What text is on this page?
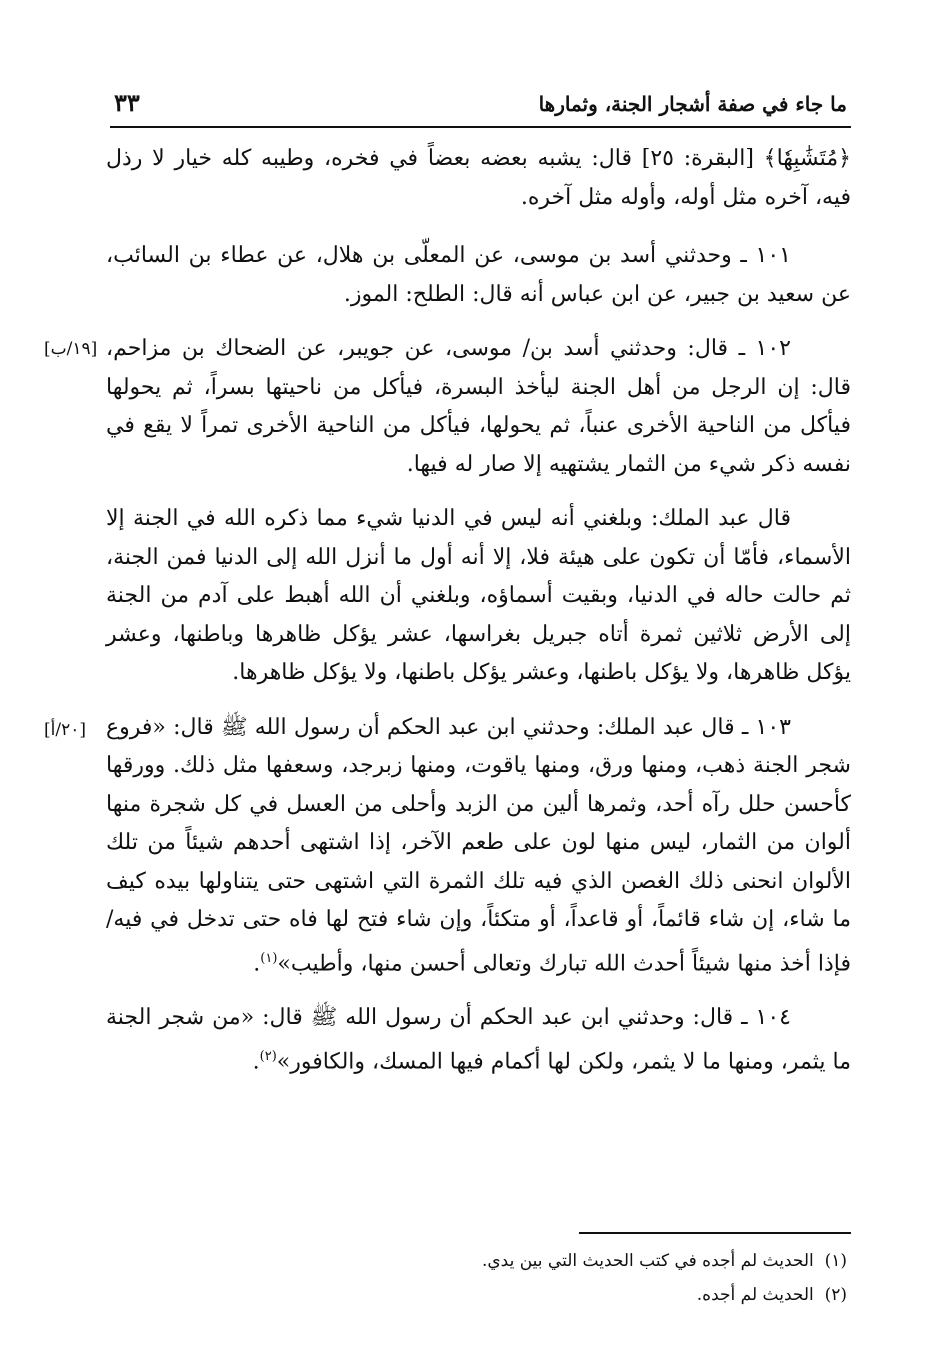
ما جاء في صفة أشجار الجنة، وثمارها
٣٣

﴿مُتَشَٰبِهٗا﴾ [البقرة: ٢٥] قال: يشبه بعضه بعضاً في فخره، وطيبه كله خيار لا رذل فيه، آخره مثل أوله، وأوله مثل آخره.

١٠١ ـ وحدثني أسد بن موسى، عن المعلّى بن هلال، عن عطاء بن السائب، عن سعيد بن جبير، عن ابن عباس أنه قال: الطلح: الموز.

[١٩/ب] ١٠٢ ـ قال: وحدثني أسد بن/ موسى، عن جويبر، عن الضحاك بن مزاحم، قال: إن الرجل من أهل الجنة ليأخذ البسرة، فيأكل من ناحيتها بسراً، ثم يحولها فيأكل من الناحية الأخرى عنباً، ثم يحولها، فيأكل من الناحية الأخرى تمراً لا يقع في نفسه ذكر شيء من الثمار يشتهيه إلا صار له فيها.

قال عبد الملك: وبلغني أنه ليس في الدنيا شيء مما ذكره الله في الجنة إلا الأسماء، فأمّا أن تكون على هيئة فلا، إلا أنه أول ما أنزل الله إلى الدنيا فمن الجنة، ثم حالت حاله في الدنيا، وبقيت أسماؤه، وبلغني أن الله أهبط على آدم من الجنة إلى الأرض ثلاثين ثمرة أتاه جبريل بغراسها، عشر يؤكل ظاهرها وباطنها، وعشر يؤكل ظاهرها، ولا يؤكل باطنها، وعشر يؤكل باطنها، ولا يؤكل ظاهرها.

[٢٠/أ] ١٠٣ ـ قال عبد الملك: وحدثني ابن عبد الحكم أن رسول الله ﷺ قال: «فروع شجر الجنة ذهب، ومنها ورق، ومنها ياقوت، ومنها زبرجد، وسعفها مثل ذلك. وورقها كأحسن حلل رآه أحد، وثمرها ألين من الزبد وأحلى من العسل في كل شجرة منها ألوان من الثمار، ليس منها لون على طعم الآخر، إذا اشتهى أحدهم شيئاً من تلك الألوان انحنى ذلك الغصن الذي فيه تلك الثمرة التي اشتهى حتى يتناولها بيده كيف ما شاء، إن شاء قائماً، أو قاعداً، أو متكئاً، وإن شاء فتح لها فاه حتى تدخل في فيه/ فإذا أخذ منها شيئاً أحدث الله تبارك وتعالى أحسن منها، وأطيب»$^{(١)}$.

١٠٤ ـ قال: وحدثني ابن عبد الحكم أن رسول الله ﷺ قال: «من شجر الجنة ما يثمر، ومنها ما لا يثمر، ولكن لها أكمام فيها المسك، والكافور»$^{(٢)}$.

(١)  الحديث لم أجده في كتب الحديث التي بين يدي.
(٢)  الحديث لم أجده.
